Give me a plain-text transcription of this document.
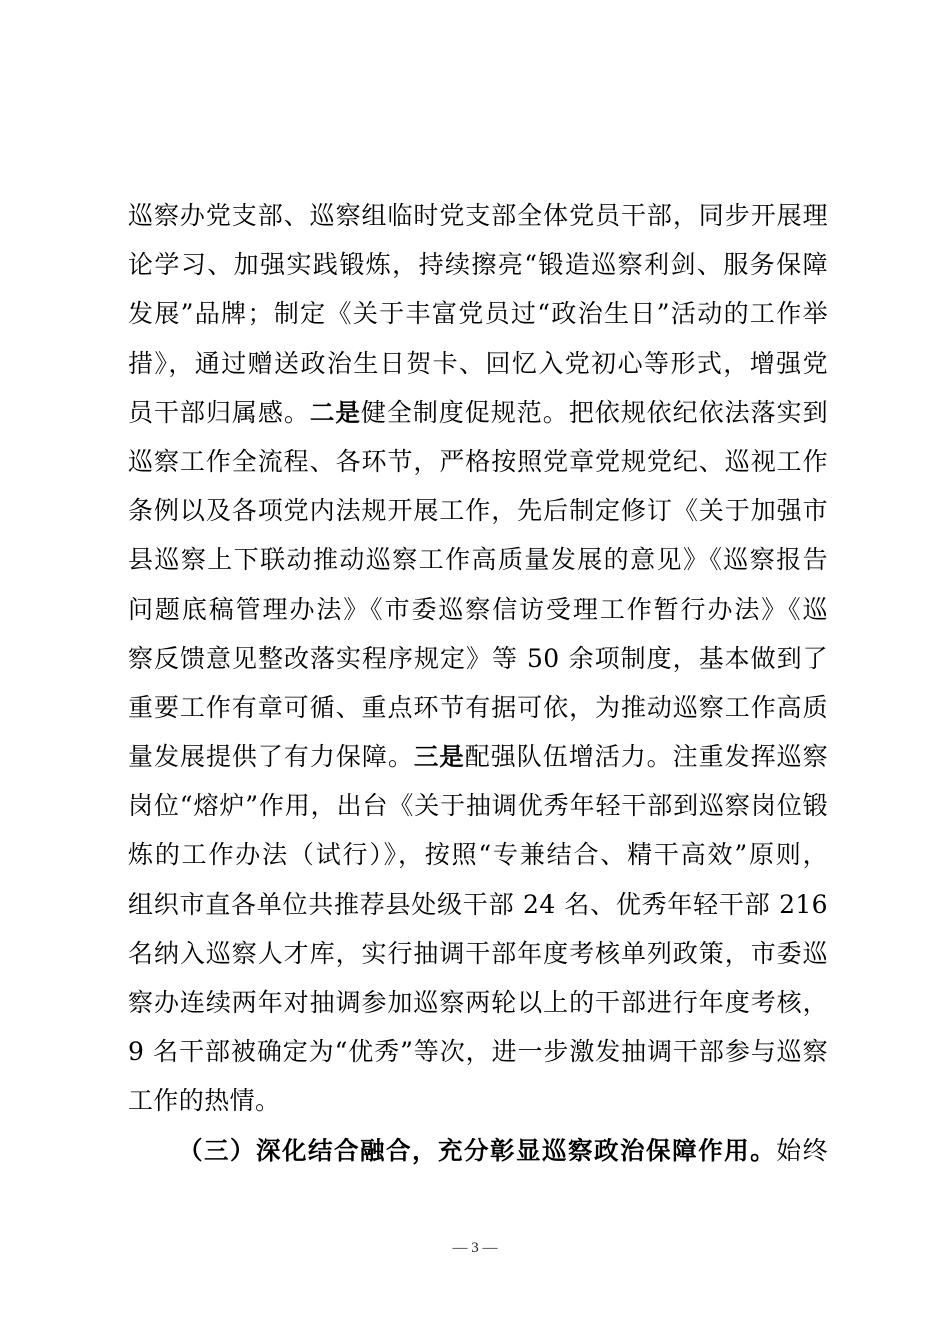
巡察办党支部、巡察组临时党支部全体党员干部，同步开展理
论学习、加强实践锻炼，持续擦亮“锻造巡察利剑、服务保障
发展”品牌；制定《关于丰富党员过“政治生日”活动的工作举
措》，通过赠送政治生日贺卡、回忆入党初心等形式，增强党
员干部归属感。二是健全制度促规范。把依规依纪依法落实到
巡察工作全流程、各环节，严格按照党章党规党纪、巡视工作
条例以及各项党内法规开展工作，先后制定修订《关于加强市
县巡察上下联动推动巡察工作高质量发展的意见》《巡察报告
问题底稿管理办法》《市委巡察信访受理工作暂行办法》《巡
察反馈意见整改落实程序规定》等 50 余项制度，基本做到了
重要工作有章可循、重点环节有据可依，为推动巡察工作高质
量发展提供了有力保障。三是配强队伍增活力。注重发挥巡察
岗位“熔炉”作用，出台《关于抽调优秀年轻干部到巡察岗位锻
炼的工作办法（试行）》，按照“专兼结合、精干高效”原则，
组织市直各单位共推荐县处级干部 24 名、优秀年轻干部 216
名纳入巡察人才库，实行抽调干部年度考核单列政策，市委巡
察办连续两年对抽调参加巡察两轮以上的干部进行年度考核，
9 名干部被确定为“优秀”等次，进一步激发抽调干部参与巡察
工作的热情。
（三）深化结合融合，充分彰显巡察政治保障作用。始终
— 3 —
